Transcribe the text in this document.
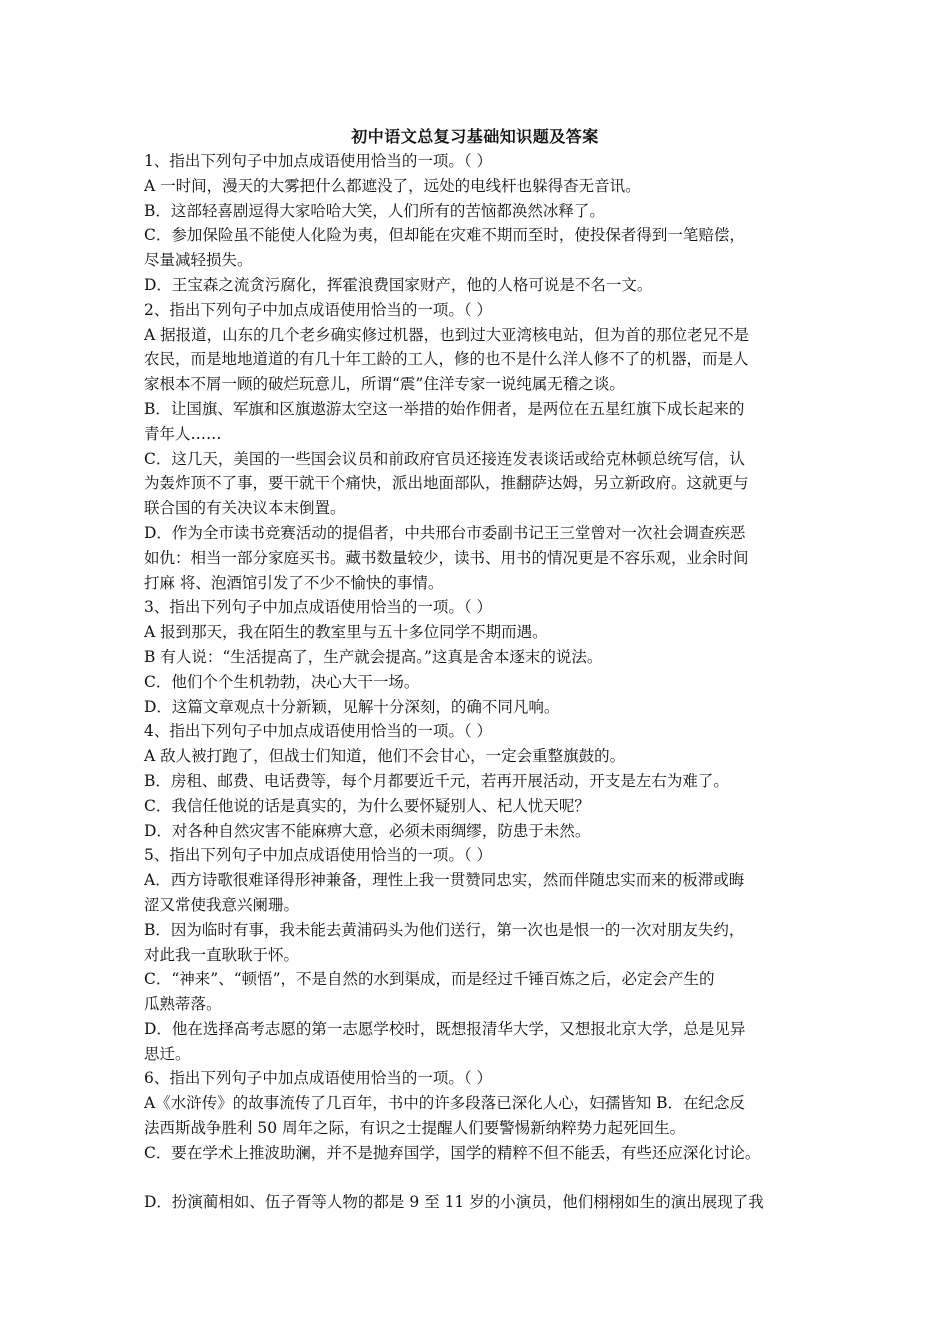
初中语文总复习基础知识题及答案
1、指出下列句子中加点成语使用恰当的一项。（ ）
A 一时间，漫天的大雾把什么都遮没了，远处的电线杆也躲得杳无音讯。
B．这部轻喜剧逗得大家哈哈大笑，人们所有的苦恼都涣然冰释了。
C．参加保险虽不能使人化险为夷，但却能在灾难不期而至时，使投保者得到一笔赔偿，
尽量减轻损失。
D．王宝森之流贪污腐化，挥霍浪费国家财产，他的人格可说是不名一文。
2、指出下列句子中加点成语使用恰当的一项。（ ）
A 据报道，山东的几个老乡确实修过机器，也到过大亚湾核电站，但为首的那位老兄不是
农民，而是地地道道的有几十年工龄的工人，修的也不是什么洋人修不了的机器，而是人
家根本不屑一顾的破烂玩意儿，所谓“震”住洋专家一说纯属无稽之谈。
B．让国旗、军旗和区旗遨游太空这一举措的始作佣者，是两位在五星红旗下成长起来的
青年人……
C．这几天，美国的一些国会议员和前政府官员还接连发表谈话或给克林顿总统写信，认
为轰炸顶不了事，要干就干个痛快，派出地面部队，推翻萨达姆，另立新政府。这就更与
联合国的有关决议本末倒置。
D．作为全市读书竞赛活动的提倡者，中共邢台市委副书记王三堂曾对一次社会调查疾恶
如仇：相当一部分家庭买书。藏书数量较少，读书、用书的情况更是不容乐观，业余时间
打麻 将、泡酒馆引发了不少不愉快的事情。
3、指出下列句子中加点成语使用恰当的一项。（ ）
A 报到那天，我在陌生的教室里与五十多位同学不期而遇。
B 有人说：“生活提高了，生产就会提高。”这真是舍本逐末的说法。
C．他们个个生机勃勃，决心大干一场。
D．这篇文章观点十分新颖，见解十分深刻，的确不同凡响。
4、指出下列句子中加点成语使用恰当的一项。（ ）
A 敌人被打跑了，但战士们知道，他们不会甘心，一定会重整旗鼓的。
B．房租、邮费、电话费等，每个月都要近千元，若再开展活动，开支是左右为难了。
C．我信任他说的话是真实的，为什么要怀疑别人、杞人忧天呢？
D．对各种自然灾害不能麻痹大意，必须未雨绸缪，防患于未然。
5、指出下列句子中加点成语使用恰当的一项。（ ）
A．西方诗歌很难译得形神兼备，理性上我一贯赞同忠实，然而伴随忠实而来的板滞或晦
涩又常使我意兴阑珊。
B．因为临时有事，我未能去黄浦码头为他们送行，第一次也是恨一的一次对朋友失约，
对此我一直耿耿于怀。
C．“神来”、“顿悟”，不是自然的水到渠成，而是经过千锤百炼之后，必定会产生的
瓜熟蒂落。
D．他在选择高考志愿的第一志愿学校时，既想报清华大学，又想报北京大学，总是见异
思迁。
6、指出下列句子中加点成语使用恰当的一项。（ ）
A《水浒传》的故事流传了几百年，书中的许多段落已深化人心，妇孺皆知 B．在纪念反
法西斯战争胜利 50 周年之际，有识之士提醒人们要警惕新纳粹势力起死回生。
C．要在学术上推波助澜，并不是抛弃国学，国学的精粹不但不能丢，有些还应深化讨论。
D．扮演蔺相如、伍子胥等人物的都是 9 至 11 岁的小演员，他们栩栩如生的演出展现了我
